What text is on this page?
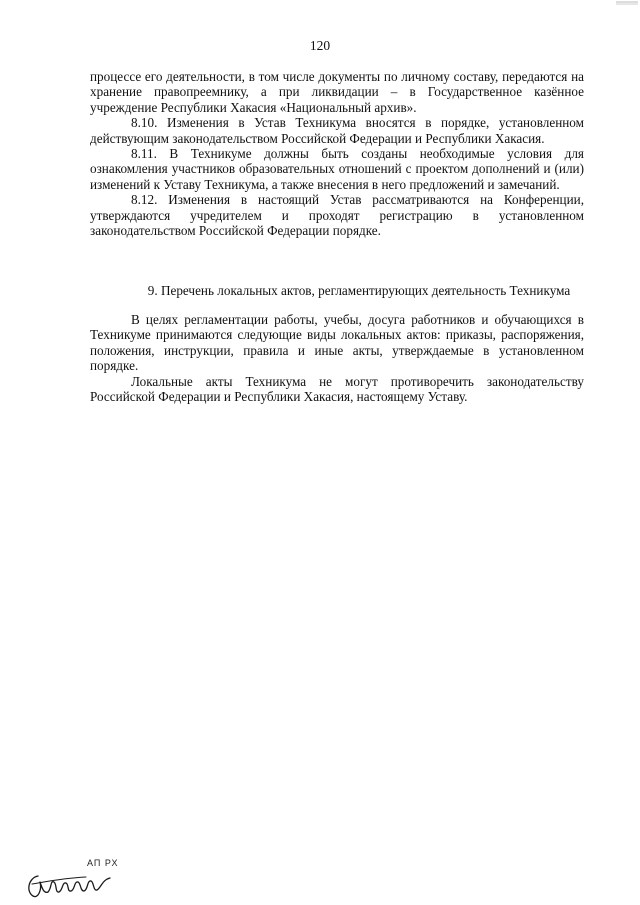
120

процессе его деятельности, в том числе документы по личному составу, передаются на хранение правопреемнику, а при ликвидации – в Государственное казённое учреждение Республики Хакасия «Национальный архив».

8.10. Изменения в Устав Техникума вносятся в порядке, установленном действующим законодательством Российской Федерации и Республики Хакасия.

8.11. В Техникуме должны быть созданы необходимые условия для ознакомления участников образовательных отношений с проектом дополнений и (или) изменений к Уставу Техникума, а также внесения в него предложений и замечаний.

8.12. Изменения в настоящий Устав рассматриваются на Конференции, утверждаются учредителем и проходят регистрацию в установленном законодательством Российской Федерации порядке.

9. Перечень локальных актов, регламентирующих деятельность Техникума

В целях регламентации работы, учебы, досуга работников и обучающихся в Техникуме принимаются следующие виды локальных актов: приказы, распоряжения, положения, инструкции, правила и иные акты, утверждаемые в установленном порядке.

Локальные акты Техникума не могут противоречить законодательству Российской Федерации и Республики Хакасия, настоящему Уставу.

АП РХ
